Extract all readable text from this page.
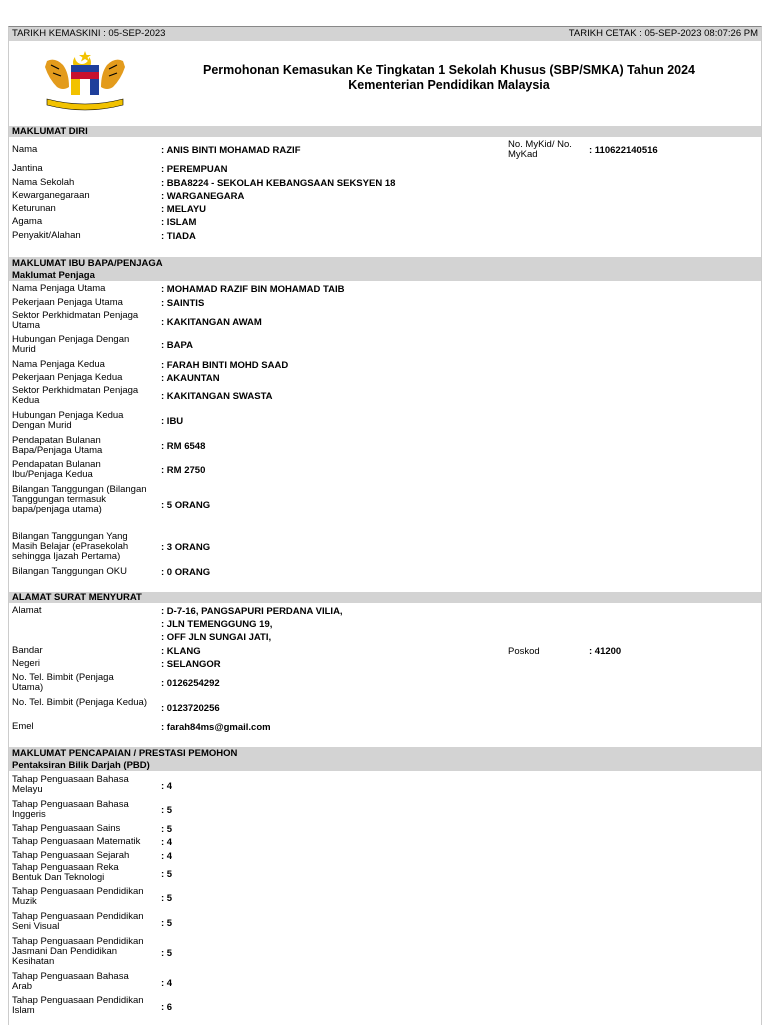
TARIKH KEMASKINI : 05-SEP-2023	TARIKH CETAK : 05-SEP-2023 08:07:26 PM
Permohonan Kemasukan Ke Tingkatan 1 Sekolah Khusus (SBP/SMKA) Tahun 2024
Kementerian Pendidikan Malaysia
MAKLUMAT DIRI
No. MyKid/ No. MyKad	: 110622140516
Nama	: ANIS BINTI MOHAMAD RAZIF
Jantina	: PEREMPUAN
Nama Sekolah	: BBA8224 - SEKOLAH KEBANGSAAN SEKSYEN 18
Kewarganegaraan	: WARGANEGARA
Keturunan	: MELAYU
Agama	: ISLAM
Penyakit/Alahan	: TIADA
MAKLUMAT IBU BAPA/PENJAGA
Maklumat Penjaga
Nama Penjaga Utama	: MOHAMAD RAZIF BIN MOHAMAD TAIB
Pekerjaan Penjaga Utama	: SAINTIS
Sektor Perkhidmatan Penjaga Utama	: KAKITANGAN AWAM
Hubungan Penjaga Dengan Murid	: BAPA
Nama Penjaga Kedua	: FARAH BINTI MOHD SAAD
Pekerjaan Penjaga Kedua	: AKAUNTAN
Sektor Perkhidmatan Penjaga Kedua	: KAKITANGAN SWASTA
Hubungan Penjaga Kedua Dengan Murid	: IBU
Pendapatan Bulanan Bapa/Penjaga Utama	: RM 6548
Pendapatan Bulanan Ibu/Penjaga Kedua	: RM 2750
Bilangan Tanggungan (Bilangan Tanggungan termasuk bapa/penjaga utama)	: 5 ORANG
Bilangan Tanggungan Yang Masih Belajar (ePrasekolah sehingga Ijazah Pertama)
: 3 ORANG
Bilangan Tanggungan OKU	: 0 ORANG
ALAMAT SURAT MENYURAT
Alamat	: D-7-16, PANGSAPURI PERDANA VILIA,
: JLN TEMENGGUNG 19,
: OFF JLN SUNGAI JATI,
Bandar	: KLANG	Poskod	: 41200
Negeri	: SELANGOR
No. Tel. Bimbit (Penjaga Utama)	: 0126254292
No. Tel. Bimbit (Penjaga Kedua)
: 0123720256
Emel	: farah84ms@gmail.com
MAKLUMAT PENCAPAIAN / PRESTASI PEMOHON
Pentaksiran Bilik Darjah (PBD)
Tahap Penguasaan Bahasa Melayu	: 4
Tahap Penguasaan Bahasa Inggeris	: 5
Tahap Penguasaan Sains	: 5
Tahap Penguasaan Matematik	: 4
Tahap Penguasaan Sejarah	: 4
Tahap Penguasaan Reka Bentuk Dan Teknologi	: 5
Tahap Penguasaan Pendidikan Muzik	: 5
Tahap Penguasaan Pendidikan Seni Visual	: 5
Tahap Penguasaan Pendidikan Jasmani Dan Pendidikan Kesihatan
: 5
Tahap Penguasaan Bahasa Arab	: 4
Tahap Penguasaan Pendidikan Islam	: 6
